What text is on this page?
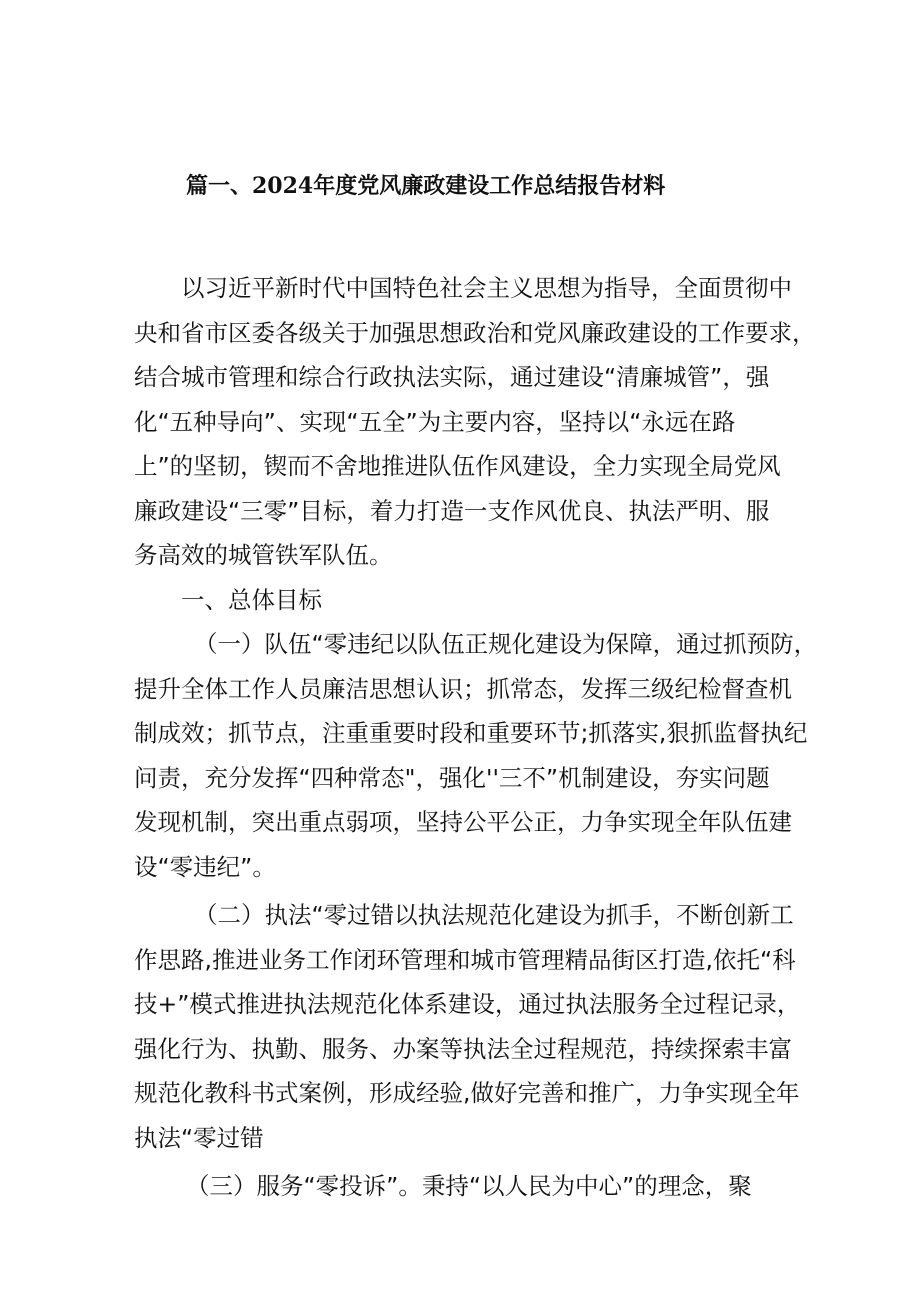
篇一、2024年度党风廉政建设工作总结报告材料
以习近平新时代中国特色社会主义思想为指导，全面贯彻中
央和省市区委各级关于加强思想政治和党风廉政建设的工作要求，
结合城市管理和综合行政执法实际，通过建设“清廉城管”，强
化“五种导向”、实现“五全”为主要内容，坚持以“永远在路
上”的坚韧，锲而不舍地推进队伍作风建设，全力实现全局党风
廉政建设“三零”目标，着力打造一支作风优良、执法严明、服
务高效的城管铁军队伍。
一、总体目标
（一）队伍“零违纪以队伍正规化建设为保障，通过抓预防，
提升全体工作人员廉洁思想认识；抓常态，发挥三级纪检督查机
制成效；抓节点，注重重要时段和重要环节;抓落实,狠抓监督执纪
问责，充分发挥“四种常态"，强化''三不”机制建设，夯实问题
发现机制，突出重点弱项，坚持公平公正，力争实现全年队伍建
设“零违纪”。
（二）执法“零过错以执法规范化建设为抓手，不断创新工
作思路,推进业务工作闭环管理和城市管理精品街区打造,依托“科
技+”模式推进执法规范化体系建设，通过执法服务全过程记录，
强化行为、执勤、服务、办案等执法全过程规范，持续探索丰富
规范化教科书式案例，形成经验,做好完善和推广，力争实现全年
执法“零过错
（三）服务“零投诉”。秉持“以人民为中心”的理念，聚
